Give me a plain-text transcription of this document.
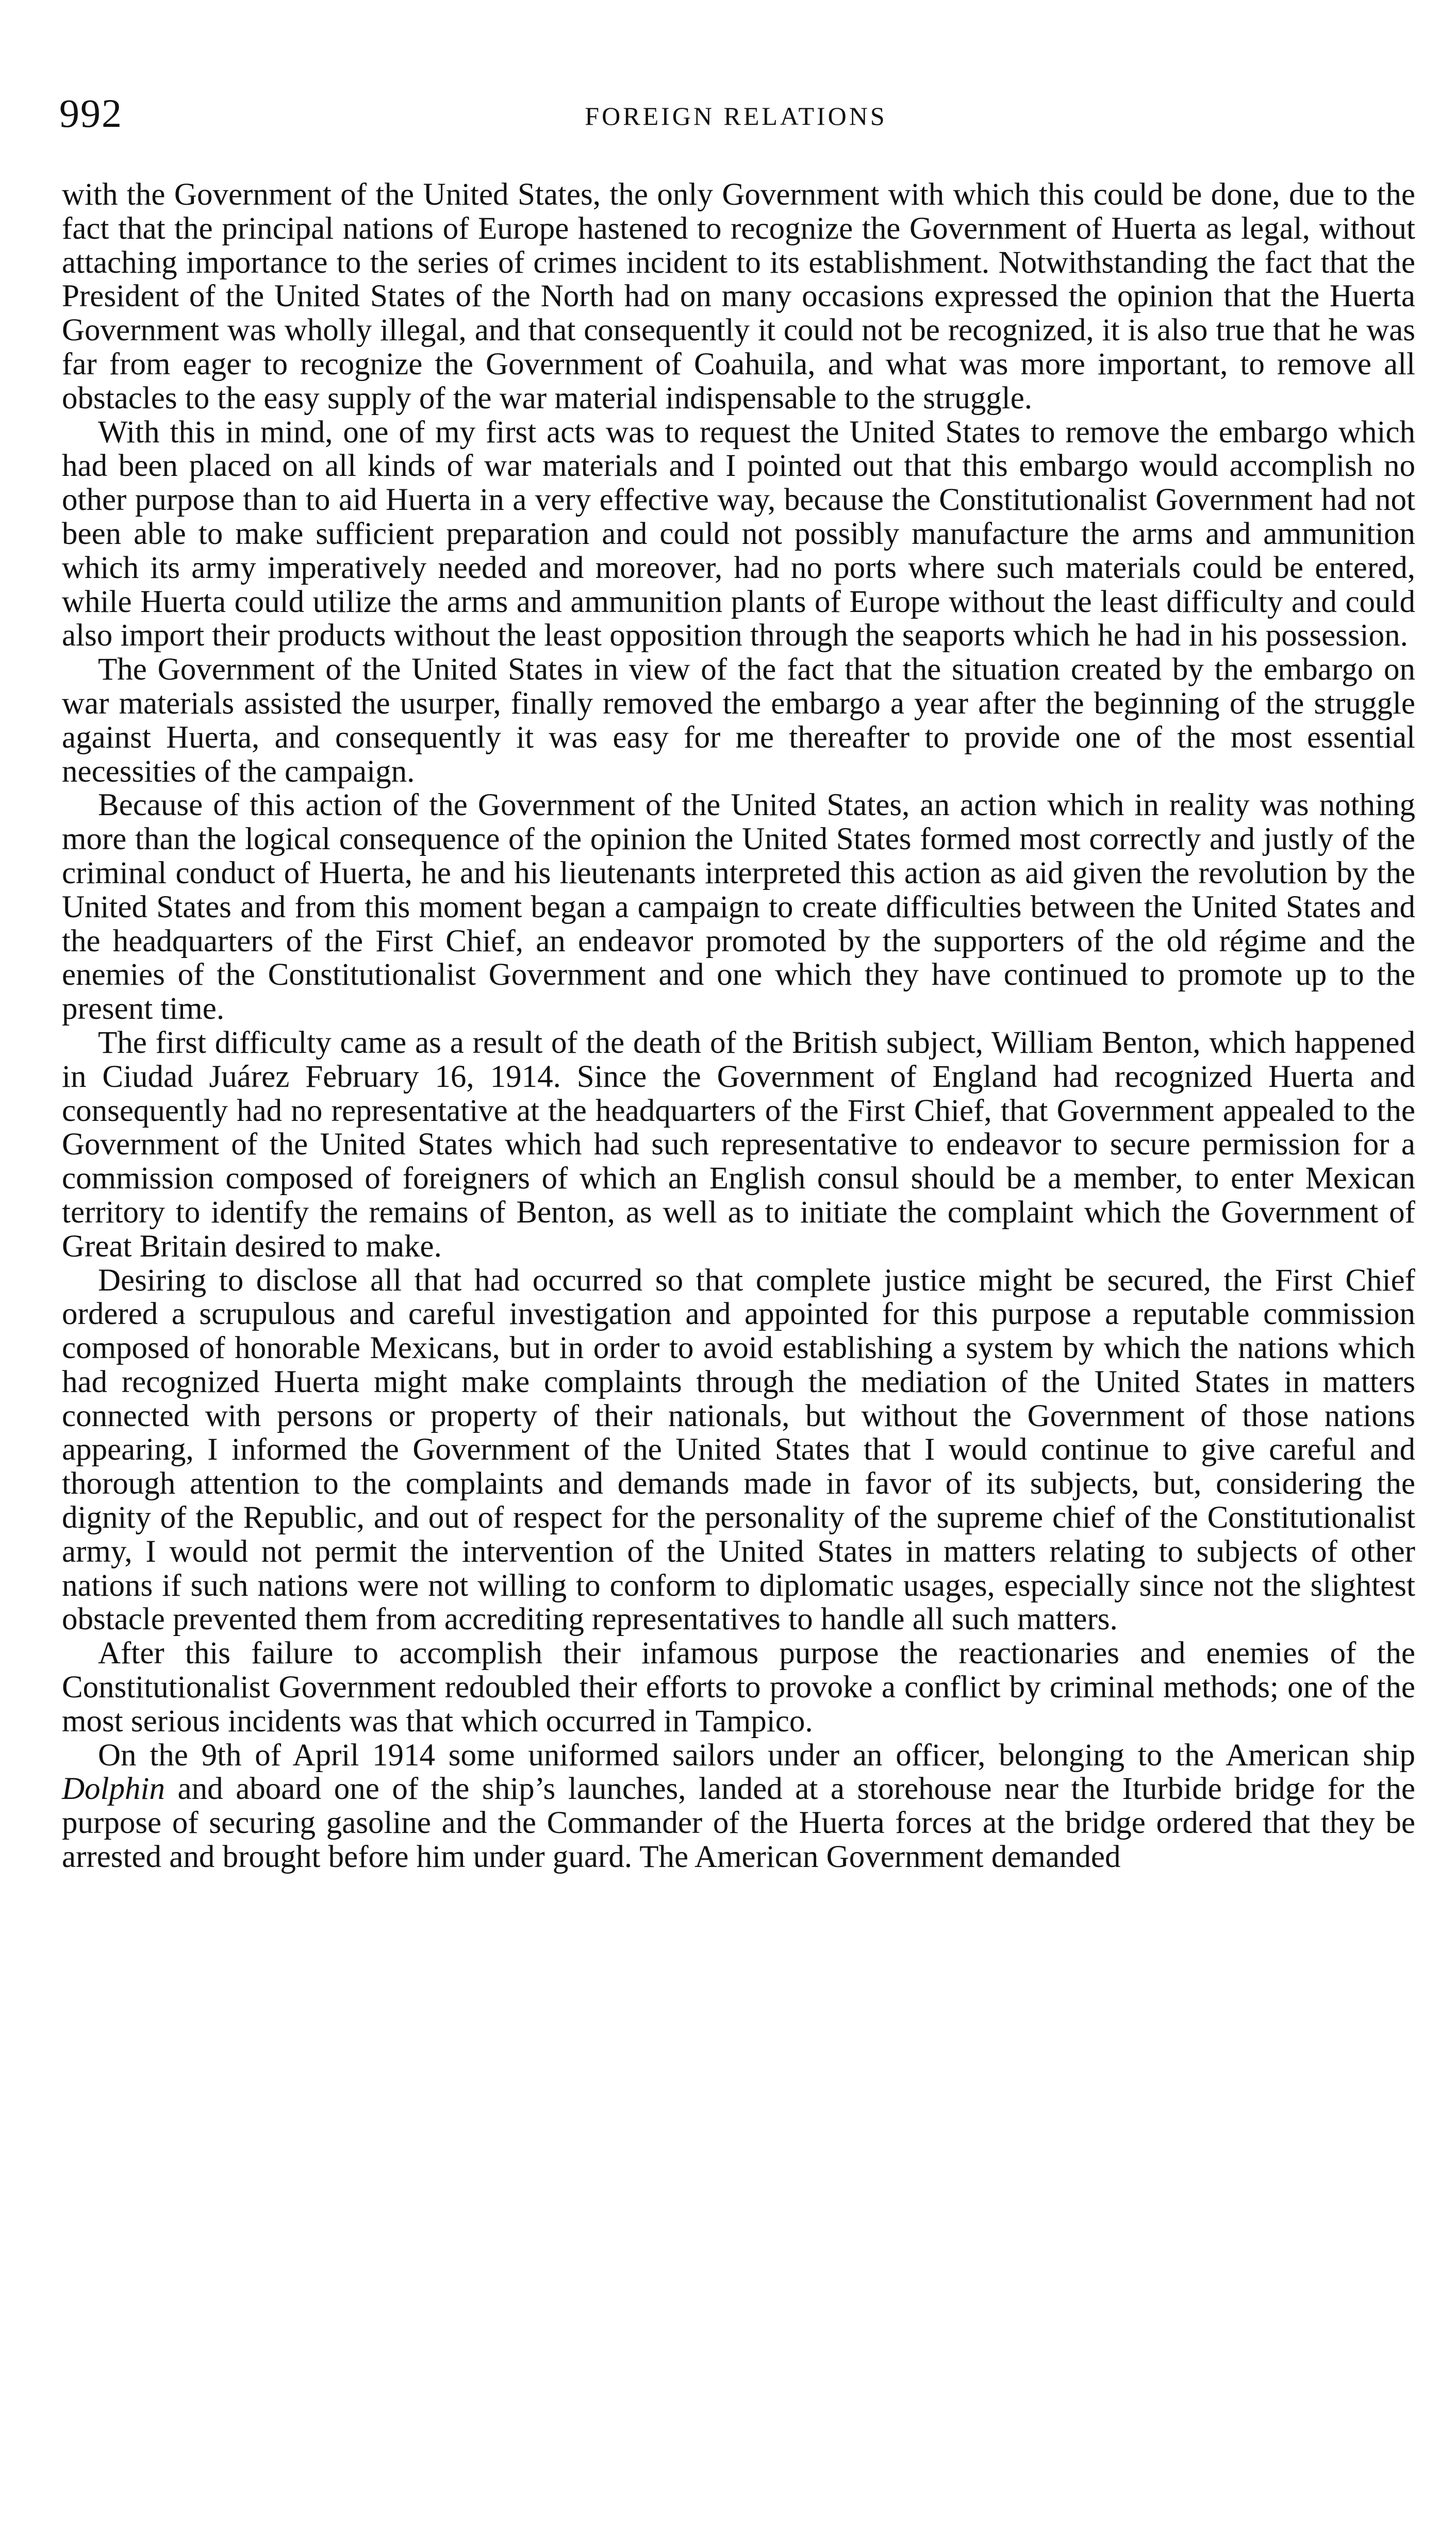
992	FOREIGN RELATIONS

with the Government of the United States, the only Government with which this could be done, due to the fact that the principal nations of Europe hastened to recognize the Government of Huerta as legal, without attaching importance to the series of crimes incident to its establishment. Notwithstanding the fact that the President of the United States of the North had on many occasions expressed the opinion that the Huerta Government was wholly illegal, and that consequently it could not be recognized, it is also true that he was far from eager to recognize the Government of Coahuila, and what was more important, to remove all obstacles to the easy supply of the war material indispensable to the struggle.

With this in mind, one of my first acts was to request the United States to remove the embargo which had been placed on all kinds of war materials and I pointed out that this embargo would accomplish no other purpose than to aid Huerta in a very effective way, because the Constitutionalist Government had not been able to make sufficient preparation and could not possibly manufacture the arms and ammunition which its army imperatively needed and moreover, had no ports where such materials could be entered, while Huerta could utilize the arms and ammunition plants of Europe without the least difficulty and could also import their products without the least opposition through the seaports which he had in his possession.

The Government of the United States in view of the fact that the situation created by the embargo on war materials assisted the usurper, finally removed the embargo a year after the beginning of the struggle against Huerta, and consequently it was easy for me thereafter to provide one of the most essential necessities of the campaign.

Because of this action of the Government of the United States, an action which in reality was nothing more than the logical consequence of the opinion the United States formed most correctly and justly of the criminal conduct of Huerta, he and his lieutenants interpreted this action as aid given the revolution by the United States and from this moment began a campaign to create difficulties between the United States and the headquarters of the First Chief, an endeavor promoted by the supporters of the old régime and the enemies of the Constitutionalist Government and one which they have continued to promote up to the present time.

The first difficulty came as a result of the death of the British subject, William Benton, which happened in Ciudad Juárez February 16, 1914. Since the Government of England had recognized Huerta and consequently had no representative at the headquarters of the First Chief, that Government appealed to the Government of the United States which had such representative to endeavor to secure permission for a commission composed of foreigners of which an English consul should be a member, to enter Mexican territory to identify the remains of Benton, as well as to initiate the complaint which the Government of Great Britain desired to make.

Desiring to disclose all that had occurred so that complete justice might be secured, the First Chief ordered a scrupulous and careful investigation and appointed for this purpose a reputable commission composed of honorable Mexicans, but in order to avoid establishing a system by which the nations which had recognized Huerta might make complaints through the mediation of the United States in matters connected with persons or property of their nationals, but without the Government of those nations appearing, I informed the Government of the United States that I would continue to give careful and thorough attention to the complaints and demands made in favor of its subjects, but, considering the dignity of the Republic, and out of respect for the personality of the supreme chief of the Constitutionalist army, I would not permit the intervention of the United States in matters relating to subjects of other nations if such nations were not willing to conform to diplomatic usages, especially since not the slightest obstacle prevented them from accrediting representatives to handle all such matters.

After this failure to accomplish their infamous purpose the reactionaries and enemies of the Constitutionalist Government redoubled their efforts to provoke a conflict by criminal methods; one of the most serious incidents was that which occurred in Tampico.

On the 9th of April 1914 some uniformed sailors under an officer, belonging to the American ship Dolphin and aboard one of the ship’s launches, landed at a storehouse near the Iturbide bridge for the purpose of securing gasoline and the Commander of the Huerta forces at the bridge ordered that they be arrested and brought before him under guard. The American Government demanded
